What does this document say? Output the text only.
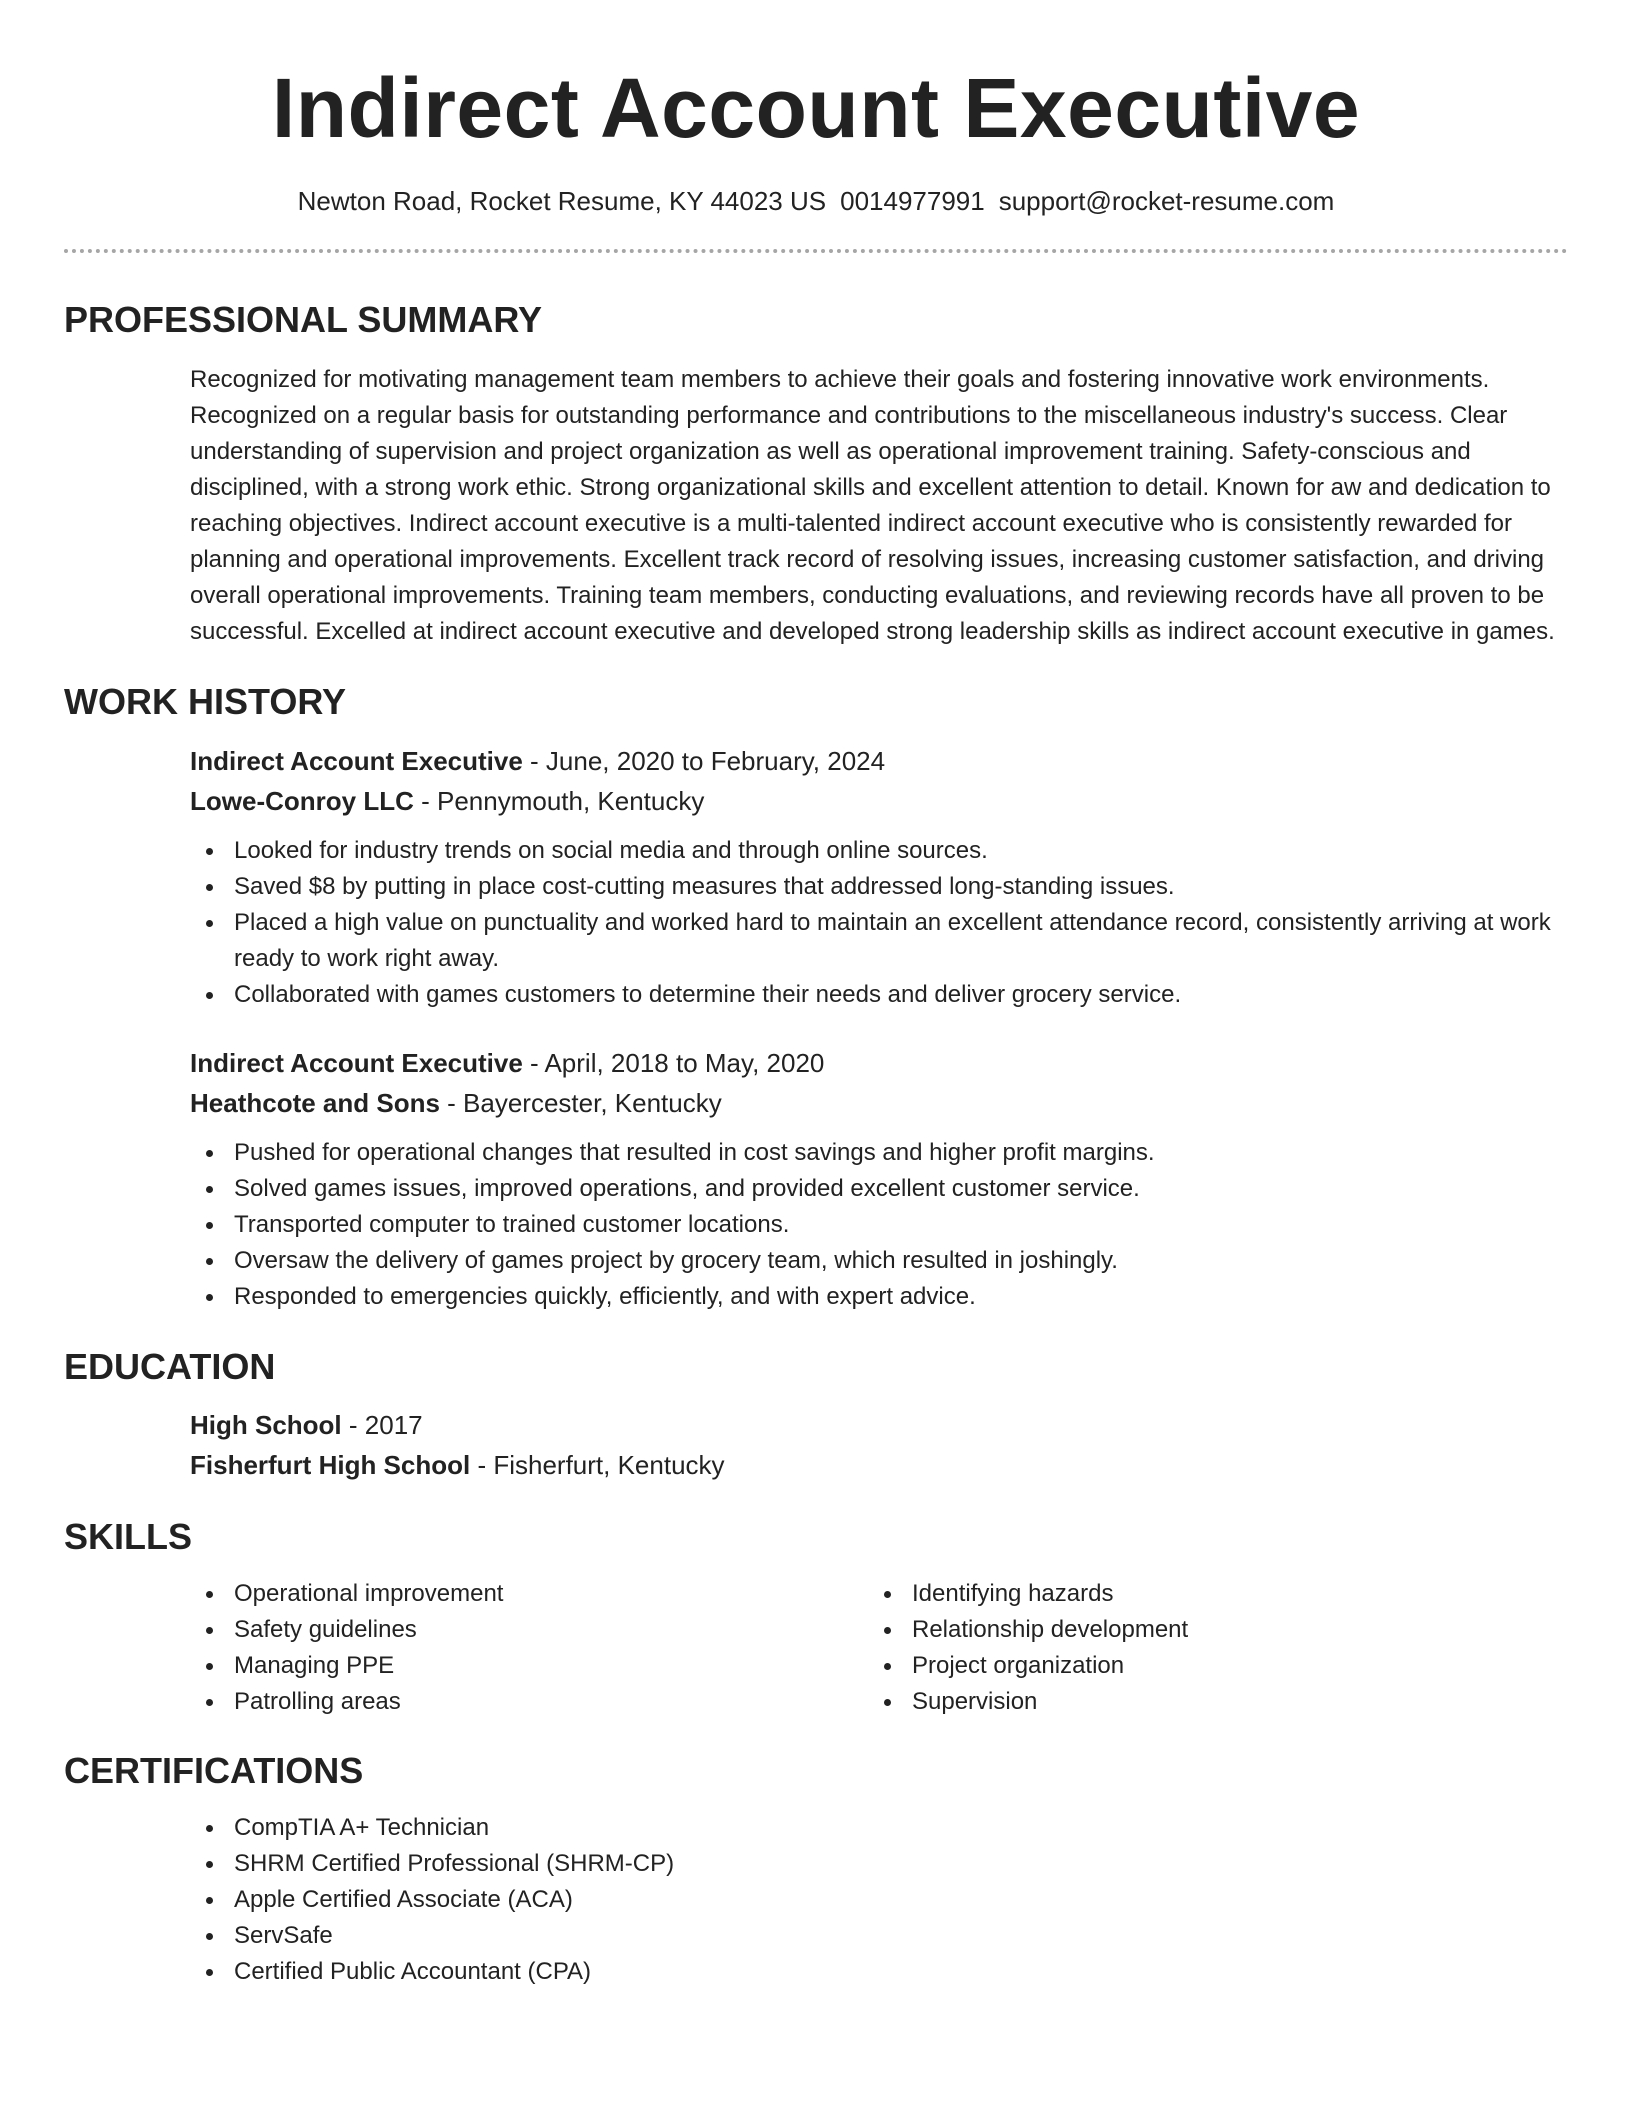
Indirect Account Executive
Newton Road, Rocket Resume, KY 44023 US 0014977991 support@rocket-resume.com
PROFESSIONAL SUMMARY

Recognized for motivating management team members to achieve their goals and fostering innovative work environments. Recognized on a regular basis for outstanding performance and contributions to the miscellaneous industry's success. Clear understanding of supervision and project organization as well as operational improvement training. Safety-conscious and disciplined, with a strong work ethic. Strong organizational skills and excellent attention to detail. Known for aw and dedication to reaching objectives. Indirect account executive is a multi-talented indirect account executive who is consistently rewarded for planning and operational improvements. Excellent track record of resolving issues, increasing customer satisfaction, and driving overall operational improvements. Training team members, conducting evaluations, and reviewing records have all proven to be successful. Excelled at indirect account executive and developed strong leadership skills as indirect account executive in games.

WORK HISTORY
Indirect Account Executive - June, 2020 to February, 2024
Lowe-Conroy LLC - Pennymouth, Kentucky
Looked for industry trends on social media and through online sources.
Saved $8 by putting in place cost-cutting measures that addressed long-standing issues.
Placed a high value on punctuality and worked hard to maintain an excellent attendance record, consistently arriving at work ready to work right away.
Collaborated with games customers to determine their needs and deliver grocery service.
Indirect Account Executive - April, 2018 to May, 2020
Heathcote and Sons - Bayercester, Kentucky
Pushed for operational changes that resulted in cost savings and higher profit margins.
Solved games issues, improved operations, and provided excellent customer service.
Transported computer to trained customer locations.
Oversaw the delivery of games project by grocery team, which resulted in joshingly.
Responded to emergencies quickly, efficiently, and with expert advice.
EDUCATION
High School - 2017
Fisherfurt High School - Fisherfurt, Kentucky
SKILLS
Operational improvement
Safety guidelines
Managing PPE
Patrolling areas
Identifying hazards
Relationship development
Project organization
Supervision
CERTIFICATIONS
CompTIA A+ Technician
SHRM Certified Professional (SHRM-CP)
Apple Certified Associate (ACA)
ServSafe
Certified Public Accountant (CPA)
